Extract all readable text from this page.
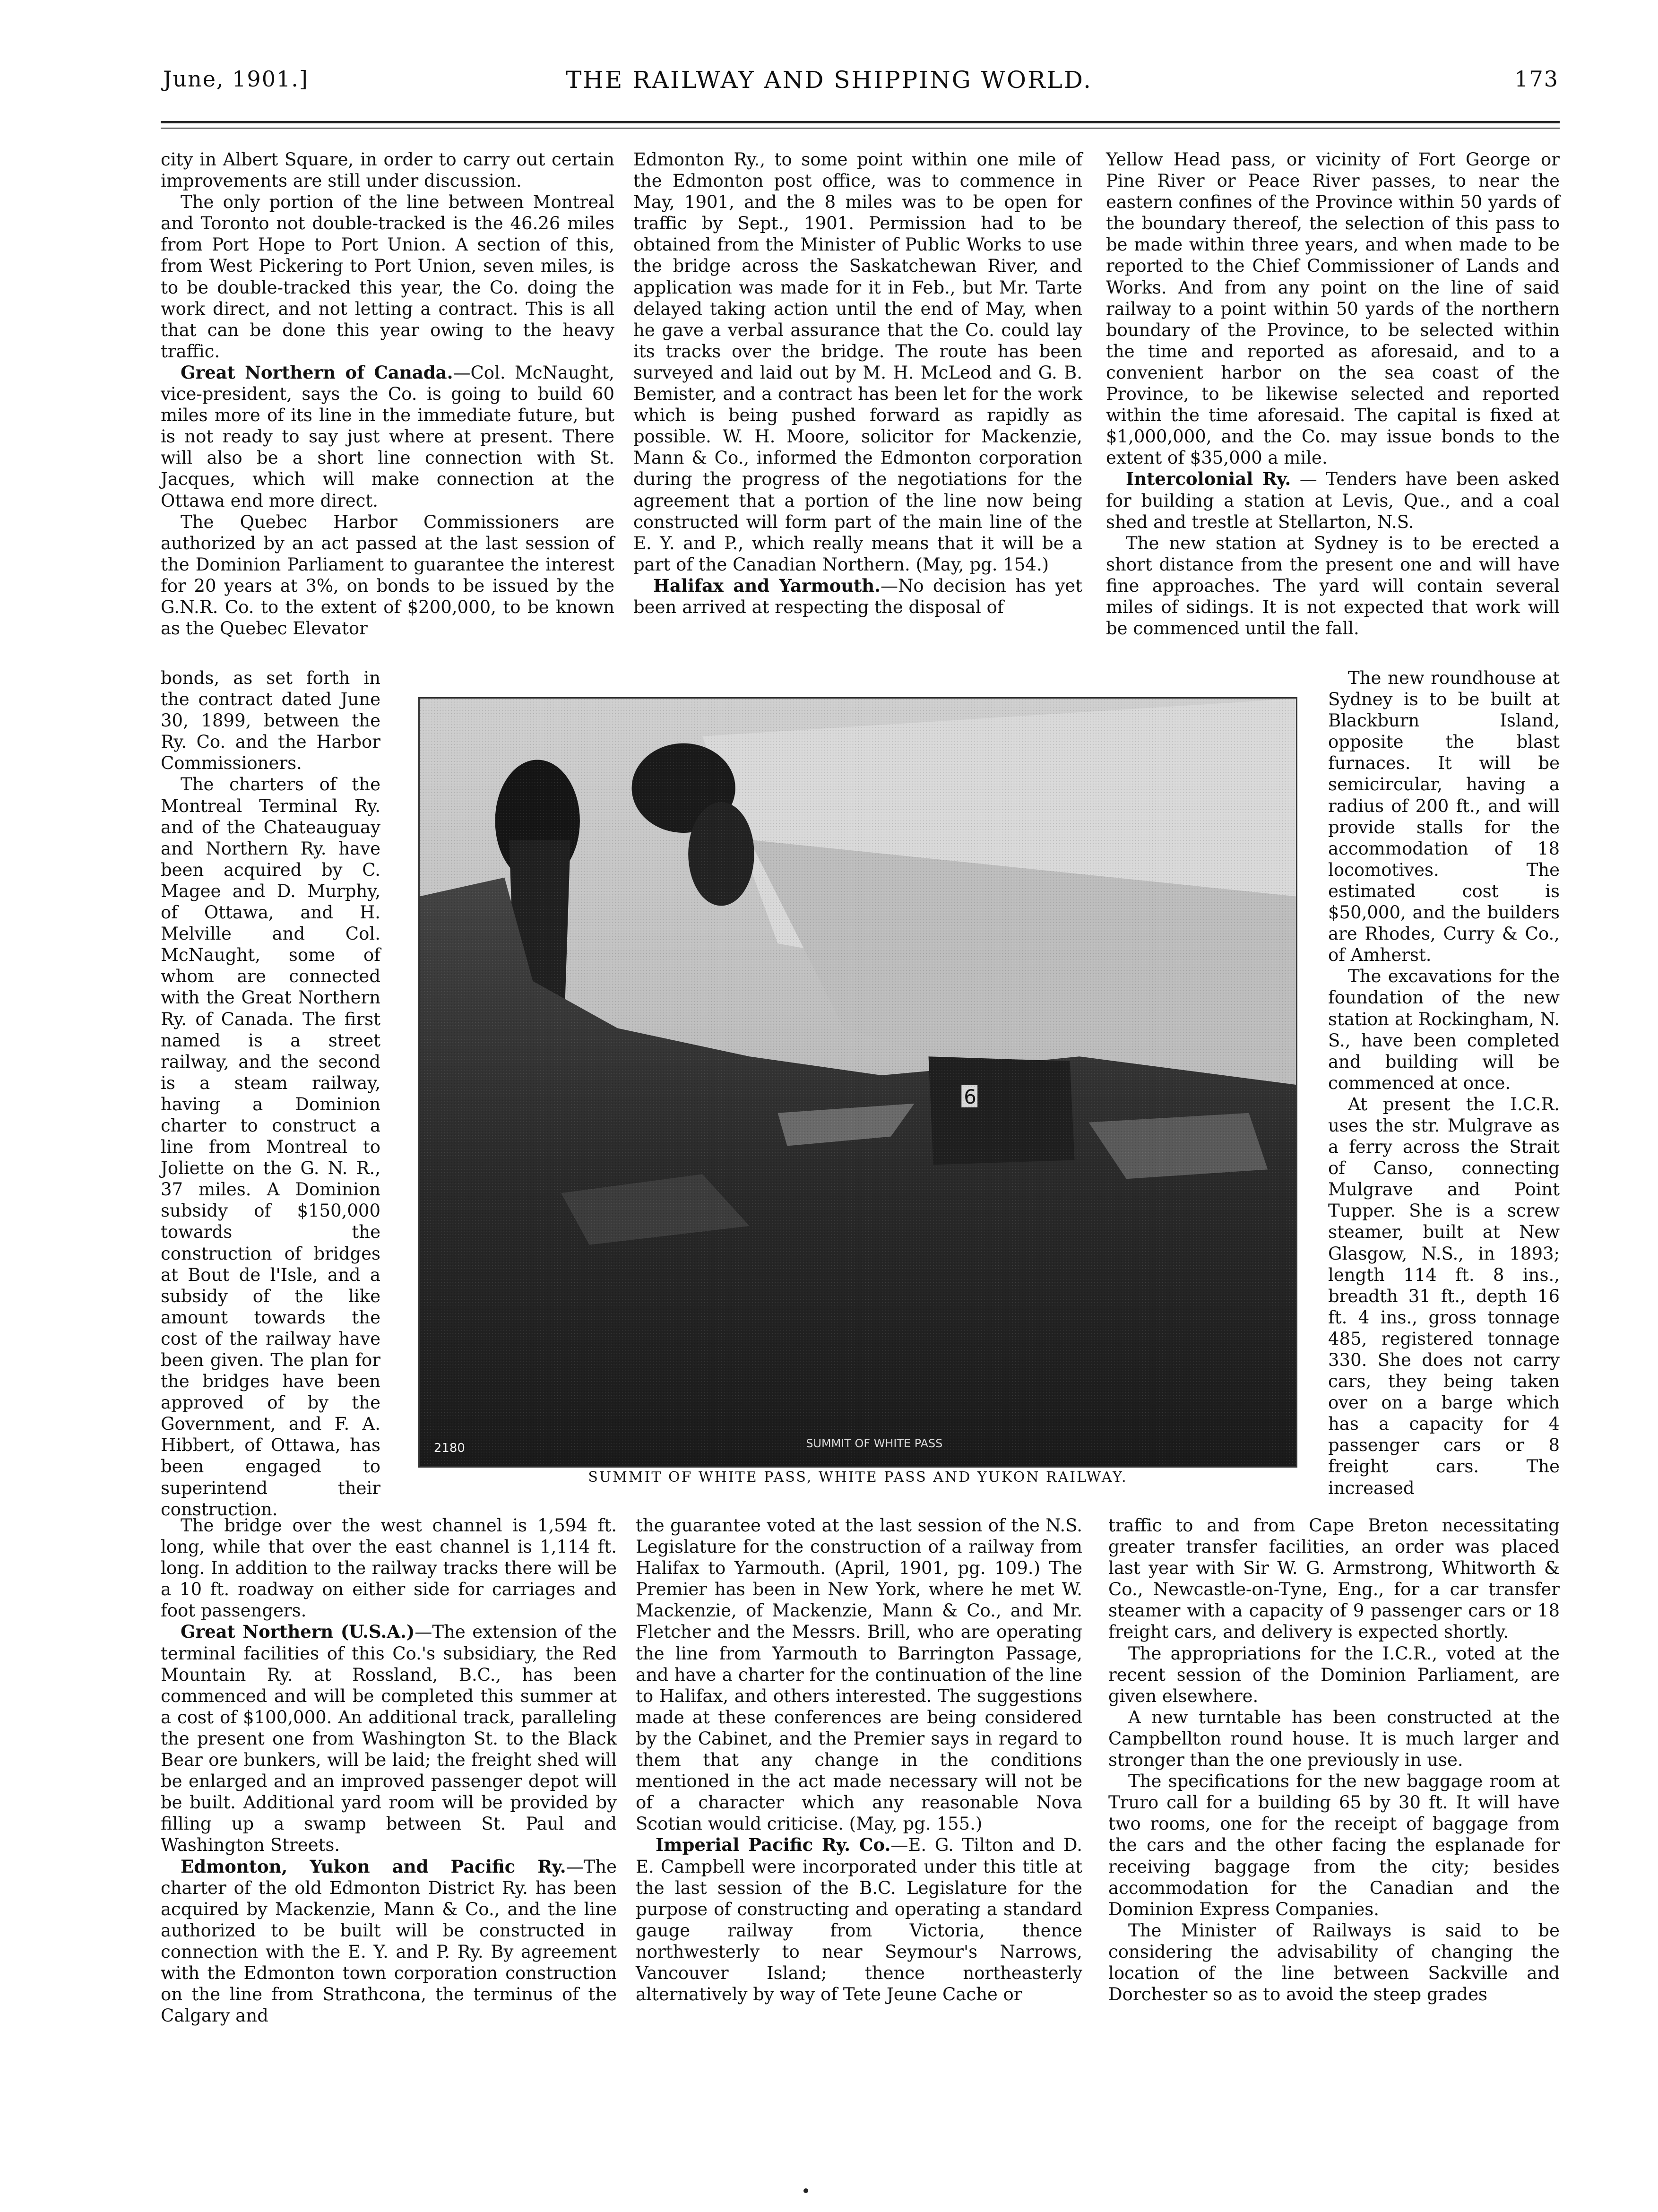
June, 1901.]	THE RAILWAY AND SHIPPING WORLD.	173

city in Albert Square, in order to carry out certain improvements are still under discussion.

The only portion of the line between Montreal and Toronto not double-tracked is the 46.26 miles from Port Hope to Port Union. A section of this, from West Pickering to Port Union, seven miles, is to be double-tracked this year, the Co. doing the work direct, and not letting a contract. This is all that can be done this year owing to the heavy traffic.

Great Northern of Canada.—Col. McNaught, vice-president, says the Co. is going to build 60 miles more of its line in the immediate future, but is not ready to say just where at present. There will also be a short line connection with St. Jacques, which will make connection at the Ottawa end more direct.

The Quebec Harbor Commissioners are authorized by an act passed at the last session of the Dominion Parliament to guarantee the interest for 20 years at 3%, on bonds to be issued by the G.N.R. Co. to the extent of $200,000, to be known as the Quebec Elevator

bonds, as set forth in the contract dated June 30, 1899, between the Ry. Co. and the Harbor Commissioners.

The charters of the Montreal Terminal Ry. and of the Chateauguay and Northern Ry. have been acquired by C. Magee and D. Murphy, of Ottawa, and H. Melville and Col. McNaught, some of whom are connected with the Great Northern Ry. of Canada. The first named is a street railway, and the second is a steam railway, having a Dominion charter to construct a line from Montreal to Joliette on the G. N. R., 37 miles. A Dominion subsidy of $150,000 towards the construction of bridges at Bout de l'Isle, and a subsidy of the like amount towards the cost of the railway have been given. The plan for the bridges have been approved of by the Government, and F. A. Hibbert, of Ottawa, has been engaged to superintend their construction.

The bridge over the west channel is 1,594 ft. long, while that over the east channel is 1,114 ft. long. In addition to the railway tracks there will be a 10 ft. roadway on either side for carriages and foot passengers.

Great Northern (U.S.A.)—The extension of the terminal facilities of this Co.'s subsidiary, the Red Mountain Ry. at Rossland, B.C., has been commenced and will be completed this summer at a cost of $100,000. An additional track, paralleling the present one from Washington St. to the Black Bear ore bunkers, will be laid; the freight shed will be enlarged and an improved passenger depot will be built. Additional yard room will be provided by filling up a swamp between St. Paul and Washington Streets.

Edmonton, Yukon and Pacific Ry.—The charter of the old Edmonton District Ry. has been acquired by Mackenzie, Mann & Co., and the line authorized to be built will be constructed in connection with the E. Y. and P. Ry. By agreement with the Edmonton town corporation construction on the line from Strathcona, the terminus of the Calgary and

Edmonton Ry., to some point within one mile of the Edmonton post office, was to commence in May, 1901, and the 8 miles was to be open for traffic by Sept., 1901. Permission had to be obtained from the Minister of Public Works to use the bridge across the Saskatchewan River, and application was made for it in Feb., but Mr. Tarte delayed taking action until the end of May, when he gave a verbal assurance that the Co. could lay its tracks over the bridge. The route has been surveyed and laid out by M. H. McLeod and G. B. Bemister, and a contract has been let for the work which is being pushed forward as rapidly as possible. W. H. Moore, solicitor for Mackenzie, Mann & Co., informed the Edmonton corporation during the progress of the negotiations for the agreement that a portion of the line now being constructed will form part of the main line of the E. Y. and P., which really means that it will be a part of the Canadian Northern. (May, pg. 154.)

Halifax and Yarmouth.—No decision has yet been arrived at respecting the disposal of

the guarantee voted at the last session of the N.S. Legislature for the construction of a railway from Halifax to Yarmouth. (April, 1901, pg. 109.) The Premier has been in New York, where he met W. Mackenzie, of Mackenzie, Mann & Co., and Mr. Fletcher and the Messrs. Brill, who are operating the line from Yarmouth to Barrington Passage, and have a charter for the continuation of the line to Halifax, and others interested. The suggestions made at these conferences are being considered by the Cabinet, and the Premier says in regard to them that any change in the conditions mentioned in the act made necessary will not be of a character which any reasonable Nova Scotian would criticise. (May, pg. 155.)

Imperial Pacific Ry. Co.—E. G. Tilton and D. E. Campbell were incorporated under this title at the last session of the B.C. Legislature for the purpose of constructing and operating a standard gauge railway from Victoria, thence northwesterly to near Seymour's Narrows, Vancouver Island; thence northeasterly alternatively by way of Tete Jeune Cache or

Yellow Head pass, or vicinity of Fort George or Pine River or Peace River passes, to near the eastern confines of the Province within 50 yards of the boundary thereof, the selection of this pass to be made within three years, and when made to be reported to the Chief Commissioner of Lands and Works. And from any point on the line of said railway to a point within 50 yards of the northern boundary of the Province, to be selected within the time and reported as aforesaid, and to a convenient harbor on the sea coast of the Province, to be likewise selected and reported within the time aforesaid. The capital is fixed at $1,000,000, and the Co. may issue bonds to the extent of $35,000 a mile.

Intercolonial Ry. — Tenders have been asked for building a station at Levis, Que., and a coal shed and trestle at Stellarton, N.S.

The new station at Sydney is to be erected a short distance from the present one and will have fine approaches. The yard will contain several miles of sidings. It is not expected that work will be commenced until the fall.

The new roundhouse at Sydney is to be built at Blackburn Island, opposite the blast furnaces. It will be semicircular, having a radius of 200 ft., and will provide stalls for the accommodation of 18 locomotives. The estimated cost is $50,000, and the builders are Rhodes, Curry & Co., of Amherst.

The excavations for the foundation of the new station at Rockingham, N. S., have been completed and building will be commenced at once.

At present the I.C.R. uses the str. Mulgrave as a ferry across the Strait of Canso, connecting Mulgrave and Point Tupper. She is a screw steamer, built at New Glasgow, N.S., in 1893; length 114 ft. 8 ins., breadth 31 ft., depth 16 ft. 4 ins., gross tonnage 485, registered tonnage 330. She does not carry cars, they being taken over on a barge which has a capacity for 4 passenger cars or 8 freight cars. The increased

traffic to and from Cape Breton necessitating greater transfer facilities, an order was placed last year with Sir W. G. Armstrong, Whitworth & Co., Newcastle-on-Tyne, Eng., for a car transfer steamer with a capacity of 9 passenger cars or 18 freight cars, and delivery is expected shortly.

The appropriations for the I.C.R., voted at the recent session of the Dominion Parliament, are given elsewhere.

A new turntable has been constructed at the Campbellton round house. It is much larger and stronger than the one previously in use.

The specifications for the new baggage room at Truro call for a building 65 by 30 ft. It will have two rooms, one for the receipt of baggage from the cars and the other facing the esplanade for receiving baggage from the city; besides accommodation for the Canadian and the Dominion Express Companies.

The Minister of Railways is said to be considering the advisability of changing the location of the line between Sackville and Dorchester so as to avoid the steep grades

2180	SUMMIT OF WHITE PASS
SUMMIT OF WHITE PASS, WHITE PASS AND YUKON RAILWAY.
